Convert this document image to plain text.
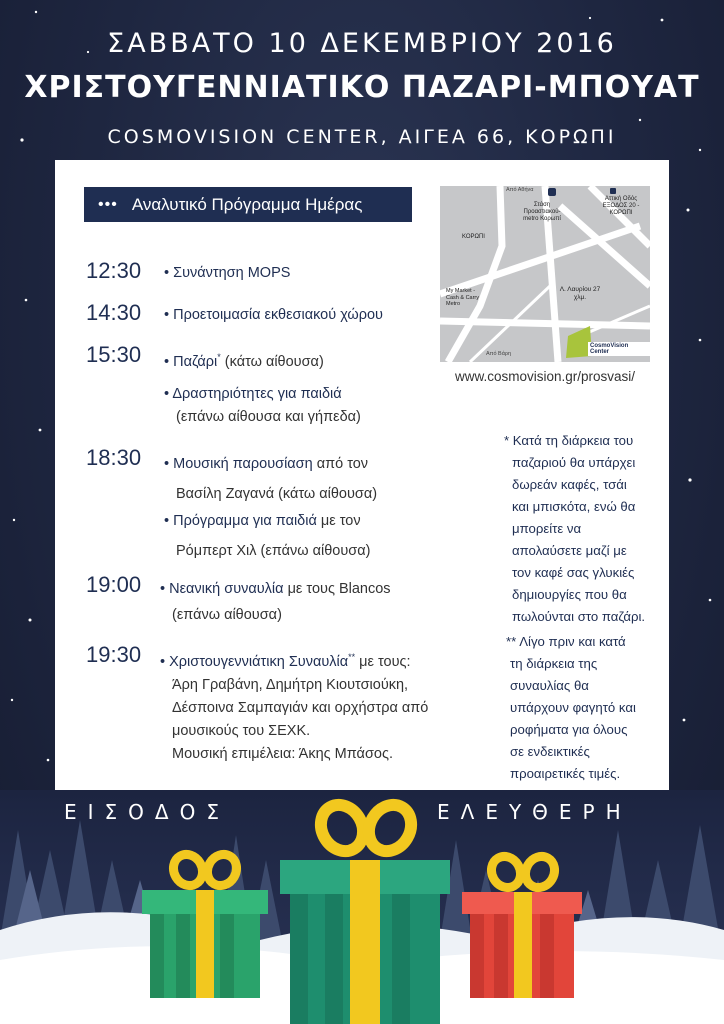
ΣΑΒΒΑΤΟ 10 ΔΕΚΕΜΒΡΙΟΥ 2016
ΧΡΙΣΤΟΥΓΕΝΝΙΑΤΙΚΟ ΠΑΖΑΡΙ-ΜΠΟΥΑΤ
COSMOVISION CENTER, ΑΙΓΕΑ 66, ΚΟΡΩΠΙ
••• Αναλυτικό Πρόγραμμα Ημέρας
12:30 • Συνάντηση MOPS
14:30 • Προετοιμασία εκθεσιακού χώρου
15:30 • Παζάρι* (κάτω αίθουσα)
• Δραστηριότητες για παιδιά
(επάνω αίθουσα και γήπεδα)
18:30 • Μουσική παρουσίαση από τον
Βασίλη Ζαγανά (κάτω αίθουσα)
• Πρόγραμμα για παιδιά με τον
Ρόμπερτ Χιλ (επάνω αίθουσα)
19:00 • Νεανική συναυλία με τους Blancos
(επάνω αίθουσα)
19:30 • Χριστουγεννιάτικη Συναυλία** με τους:
Άρη Γραβάνη, Δημήτρη Κιουτσιούκη,
Δέσποινα Σαμπαγιάν και ορχήστρα από
μουσικούς του ΣΕΧΚ.
Μουσική επιμέλεια: Άκης Μπάσος.
Στάση Προαστιακού- metro Κορωπί
Αττική Οδός ΕΞΟΔΟΣ 20 - ΚΟΡΩΠΙ
ΚΟΡΩΠΙ
My Market - Cash & Carry Metro
Λ. Λαυρίου 27 χλμ.
CosmoVision Center
Από Αθήνα
Από Βάρη
www.cosmovision.gr/prosvasi/
* Κατά τη διάρκεια του
παζαριού θα υπάρχει
δωρεάν καφές, τσάι
και μπισκότα, ενώ θα
μπορείτε να
απολαύσετε μαζί με
τον καφέ σας γλυκιές
δημιουργίες που θα
πωλούνται στο παζάρι.
** Λίγο πριν και κατά
τη διάρκεια της
συναυλίας θα
υπάρχουν φαγητό και
ροφήματα για όλους
σε ενδεικτικές
προαιρετικές τιμές.
ΕΙΣΟΔΟΣ	ΕΛΕΥΘΕΡΗ
